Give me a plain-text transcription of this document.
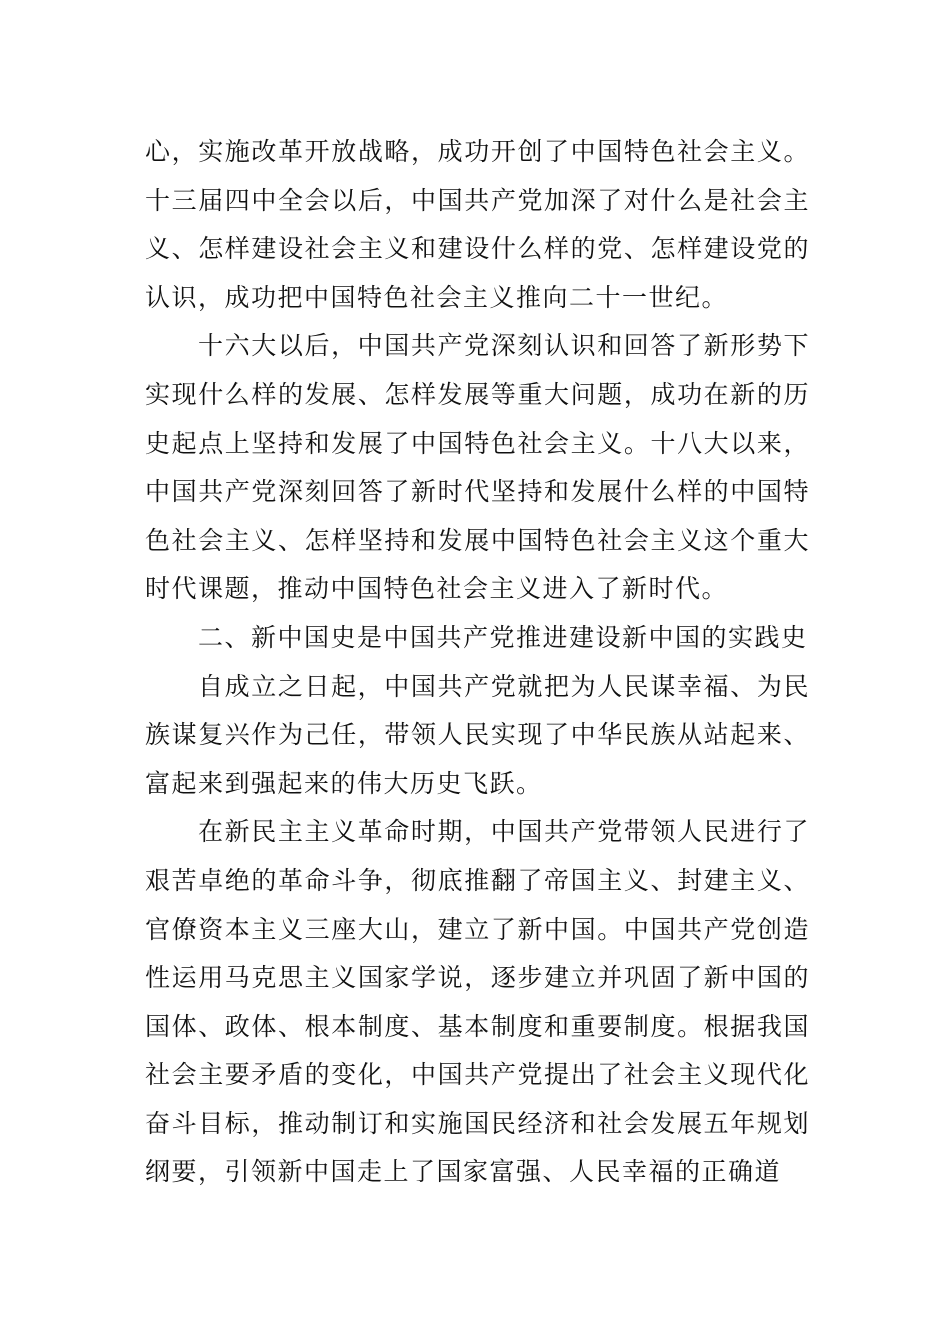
心，实施改革开放战略，成功开创了中国特色社会主义。十三届四中全会以后，中国共产党加深了对什么是社会主义、怎样建设社会主义和建设什么样的党、怎样建设党的认识，成功把中国特色社会主义推向二十一世纪。

十六大以后，中国共产党深刻认识和回答了新形势下实现什么样的发展、怎样发展等重大问题，成功在新的历史起点上坚持和发展了中国特色社会主义。十八大以来，中国共产党深刻回答了新时代坚持和发展什么样的中国特色社会主义、怎样坚持和发展中国特色社会主义这个重大时代课题，推动中国特色社会主义进入了新时代。

二、新中国史是中国共产党推进建设新中国的实践史

自成立之日起，中国共产党就把为人民谋幸福、为民族谋复兴作为己任，带领人民实现了中华民族从站起来、富起来到强起来的伟大历史飞跃。

在新民主主义革命时期，中国共产党带领人民进行了艰苦卓绝的革命斗争，彻底推翻了帝国主义、封建主义、官僚资本主义三座大山，建立了新中国。中国共产党创造性运用马克思主义国家学说，逐步建立并巩固了新中国的国体、政体、根本制度、基本制度和重要制度。根据我国社会主要矛盾的变化，中国共产党提出了社会主义现代化奋斗目标，推动制订和实施国民经济和社会发展五年规划纲要，引领新中国走上了国家富强、人民幸福的正确道
